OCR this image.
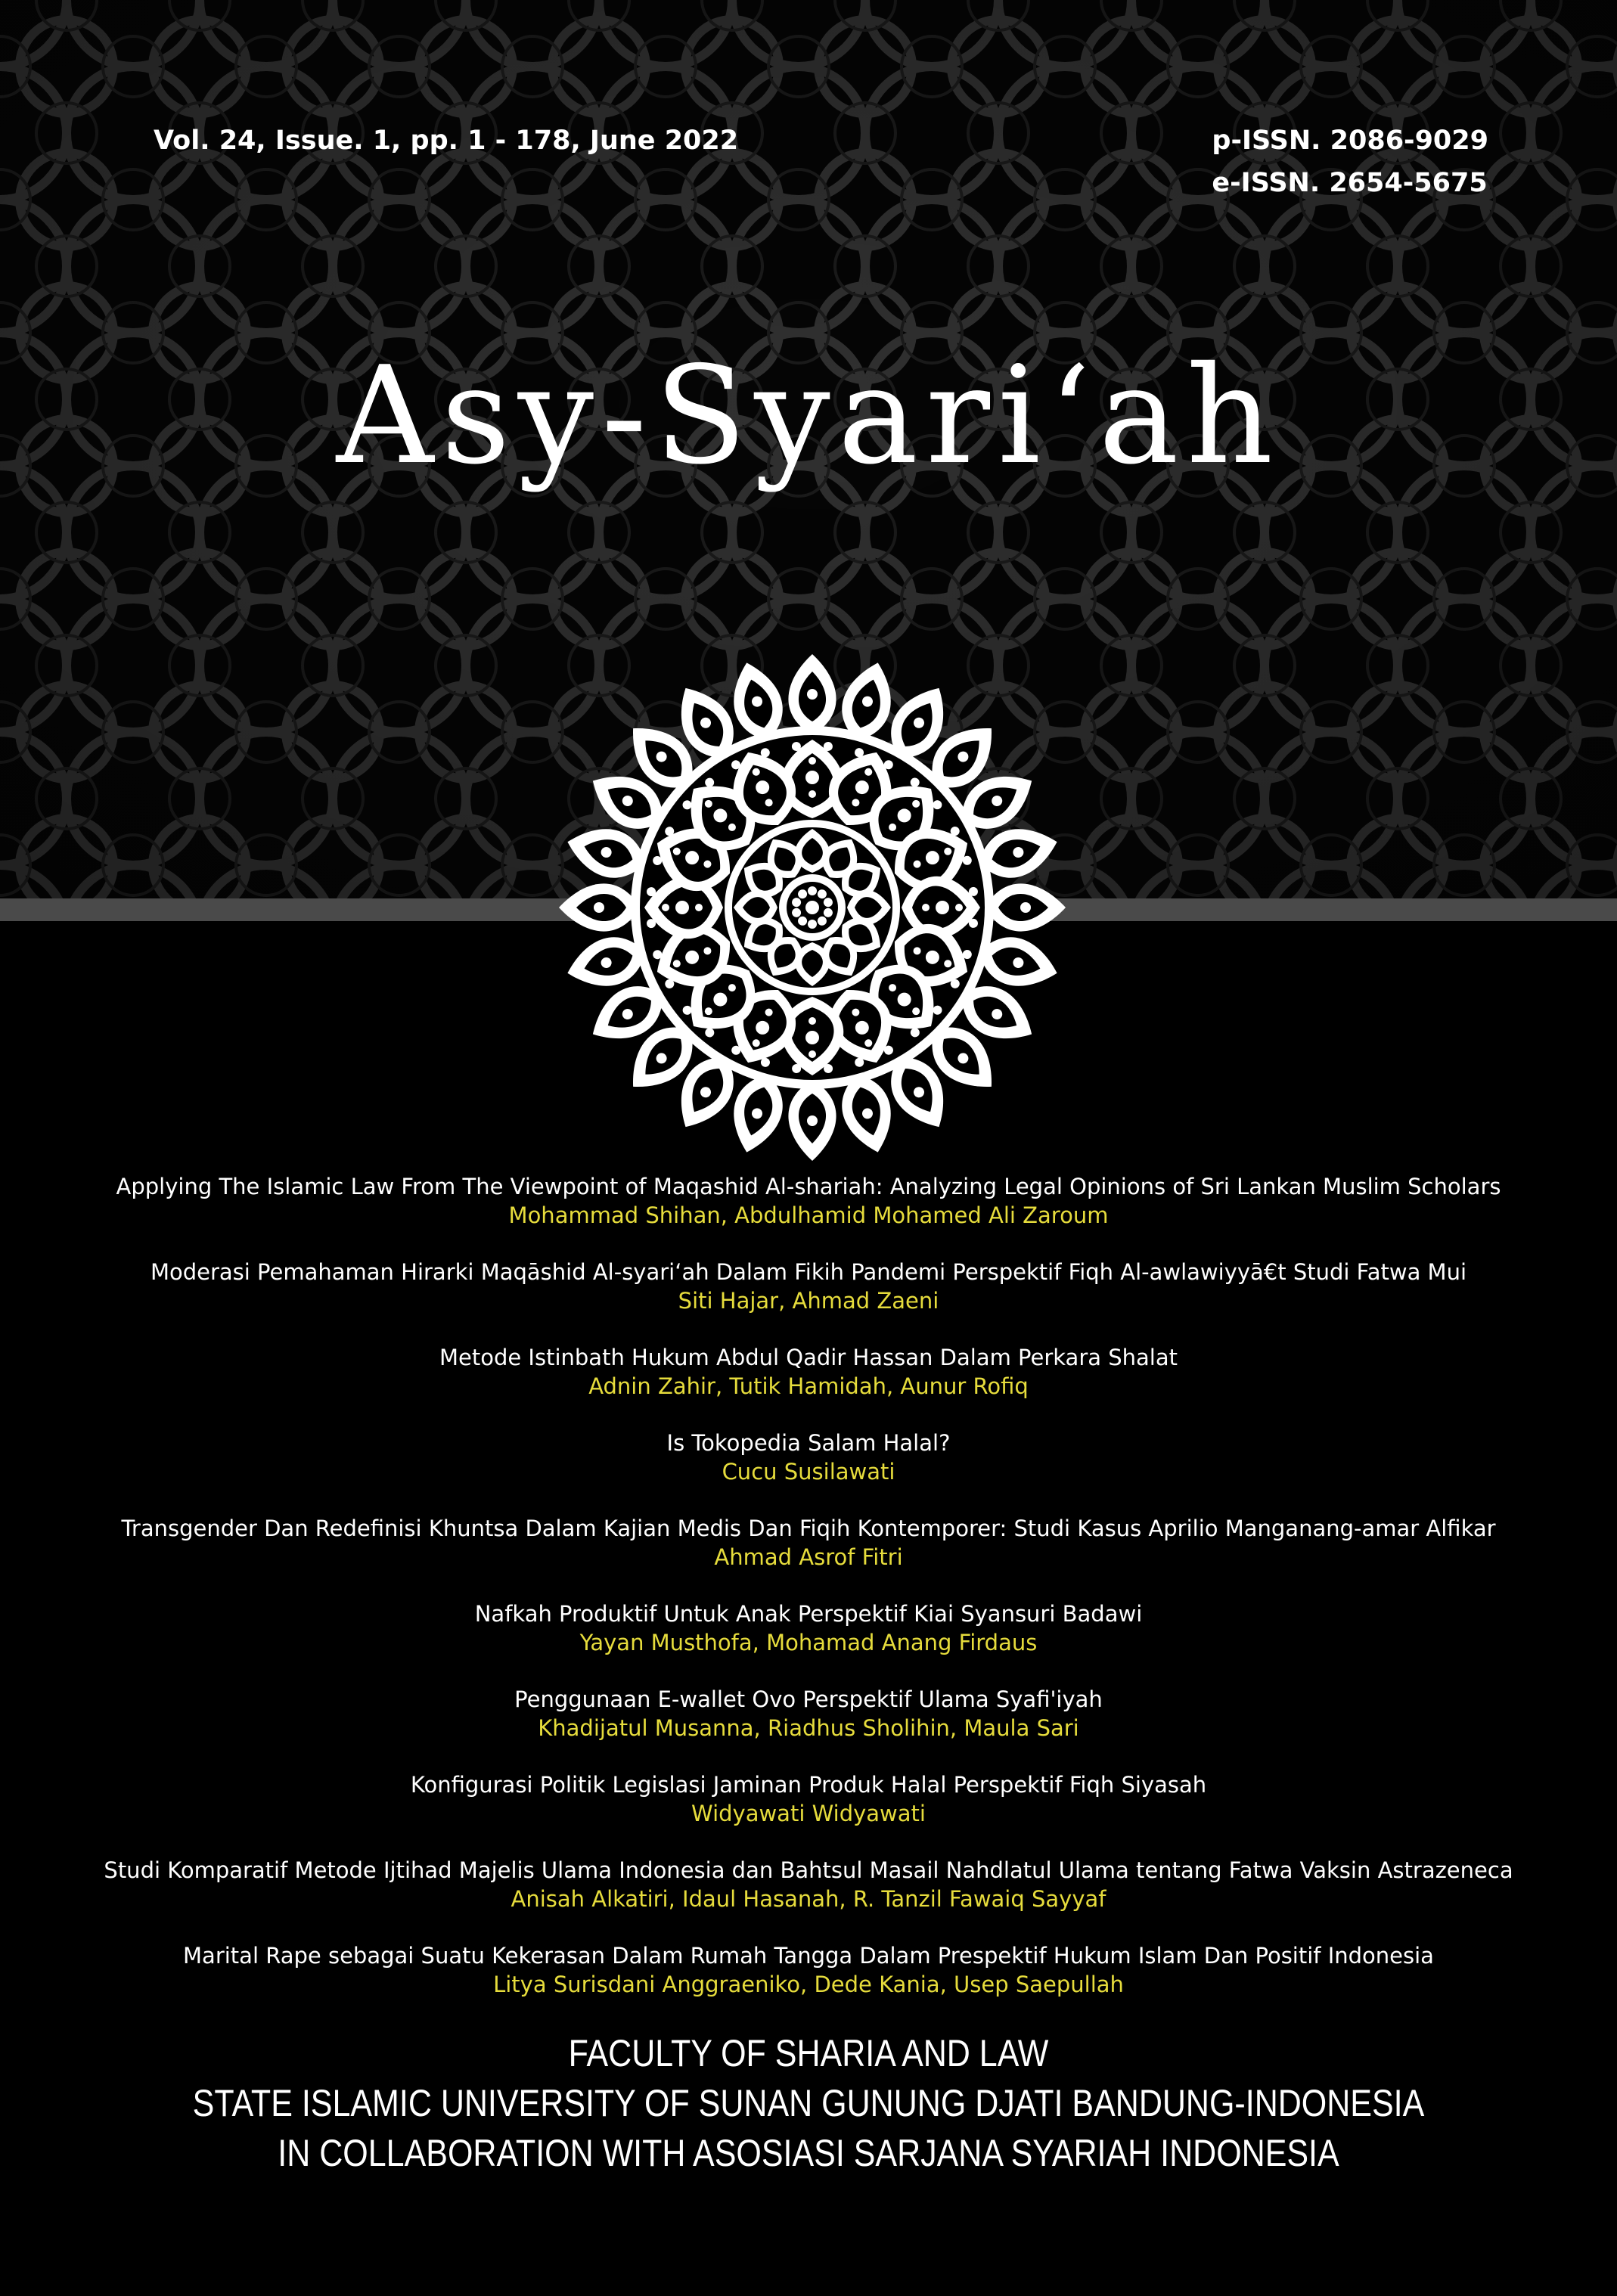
Vol. 24, Issue. 1, pp. 1 - 178, June 2022	p-ISSN. 2086-9029
e-ISSN. 2654-5675
Asy-Syari‘ah
Applying The Islamic Law From The Viewpoint of Maqashid Al-shariah: Analyzing Legal Opinions of Sri Lankan Muslim Scholars
Mohammad Shihan, Abdulhamid Mohamed Ali Zaroum
Moderasi Pemahaman Hirarki Maqāshid Al-syari‘ah Dalam Fikih Pandemi Perspektif Fiqh Al-awlawiyyā€t Studi Fatwa Mui
Siti Hajar, Ahmad Zaeni
Metode Istinbath Hukum Abdul Qadir Hassan Dalam Perkara Shalat
Adnin Zahir, Tutik Hamidah, Aunur Rofiq
Is Tokopedia Salam Halal?
Cucu Susilawati
Transgender Dan Redefinisi Khuntsa Dalam Kajian Medis Dan Fiqih Kontemporer: Studi Kasus Aprilio Manganang-amar Alfikar
Ahmad Asrof Fitri
Nafkah Produktif Untuk Anak Perspektif Kiai Syansuri Badawi
Yayan Musthofa, Mohamad Anang Firdaus
Penggunaan E-wallet Ovo Perspektif Ulama Syafi'iyah
Khadijatul Musanna, Riadhus Sholihin, Maula Sari
Konfigurasi Politik Legislasi Jaminan Produk Halal Perspektif Fiqh Siyasah
Widyawati Widyawati
Studi Komparatif Metode Ijtihad Majelis Ulama Indonesia dan Bahtsul Masail Nahdlatul Ulama tentang Fatwa Vaksin Astrazeneca
Anisah Alkatiri, Idaul Hasanah, R. Tanzil Fawaiq Sayyaf
Marital Rape sebagai Suatu Kekerasan Dalam Rumah Tangga Dalam Prespektif Hukum Islam Dan Positif Indonesia
Litya Surisdani Anggraeniko, Dede Kania, Usep Saepullah
FACULTY OF SHARIA AND LAW
STATE ISLAMIC UNIVERSITY OF SUNAN GUNUNG DJATI BANDUNG-INDONESIA
IN COLLABORATION WITH ASOSIASI SARJANA SYARIAH INDONESIA
